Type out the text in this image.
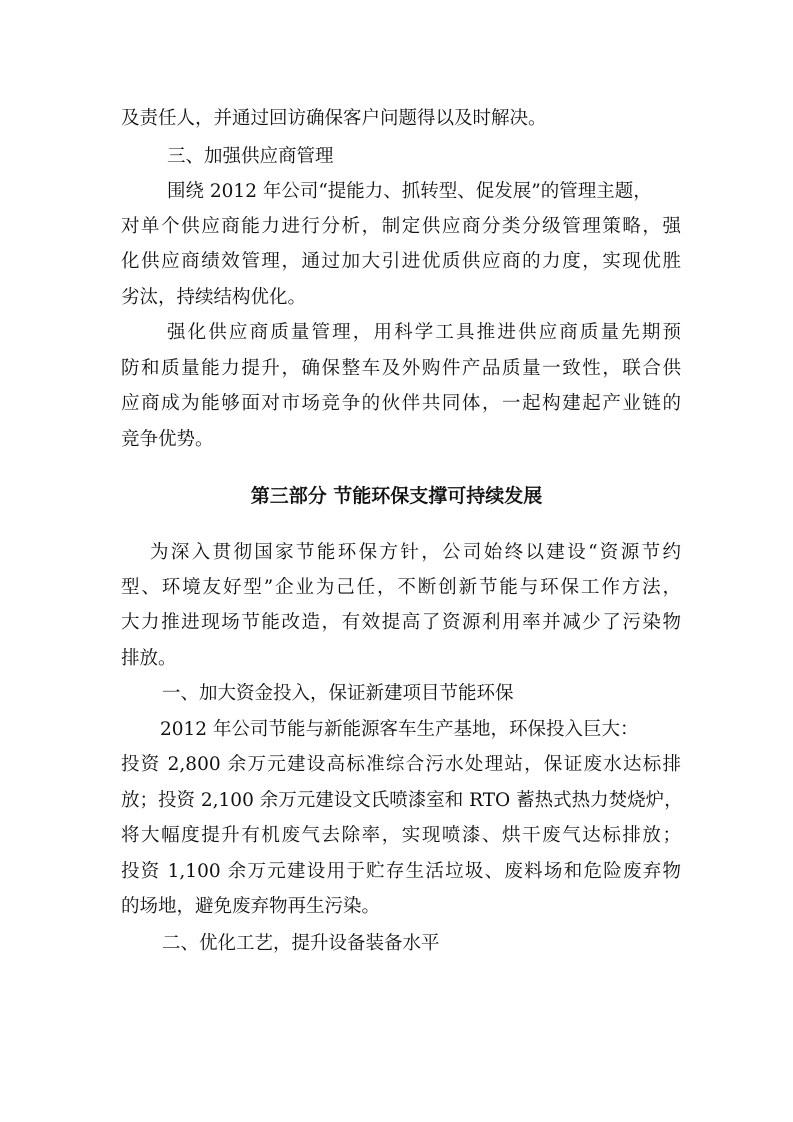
及责任人，并通过回访确保客户问题得以及时解决。
三、加强供应商管理
围绕 2012 年公司“提能力、抓转型、促发展”的管理主题，
对单个供应商能力进行分析，制定供应商分类分级管理策略，强
化供应商绩效管理，通过加大引进优质供应商的力度，实现优胜
劣汰，持续结构优化。
强化供应商质量管理，用科学工具推进供应商质量先期预
防和质量能力提升，确保整车及外购件产品质量一致性，联合供
应商成为能够面对市场竞争的伙伴共同体，一起构建起产业链的
竞争优势。
第三部分 节能环保支撑可持续发展
为深入贯彻国家节能环保方针，公司始终以建设“资源节约
型、环境友好型”企业为己任，不断创新节能与环保工作方法，
大力推进现场节能改造，有效提高了资源利用率并减少了污染物
排放。
一、加大资金投入，保证新建项目节能环保
2012 年公司节能与新能源客车生产基地，环保投入巨大：
投资 2,800 余万元建设高标准综合污水处理站，保证废水达标排
放；投资 2,100 余万元建设文氏喷漆室和 RTO 蓄热式热力焚烧炉，
将大幅度提升有机废气去除率，实现喷漆、烘干废气达标排放；
投资 1,100 余万元建设用于贮存生活垃圾、废料场和危险废弃物
的场地，避免废弃物再生污染。
二、优化工艺，提升设备装备水平
